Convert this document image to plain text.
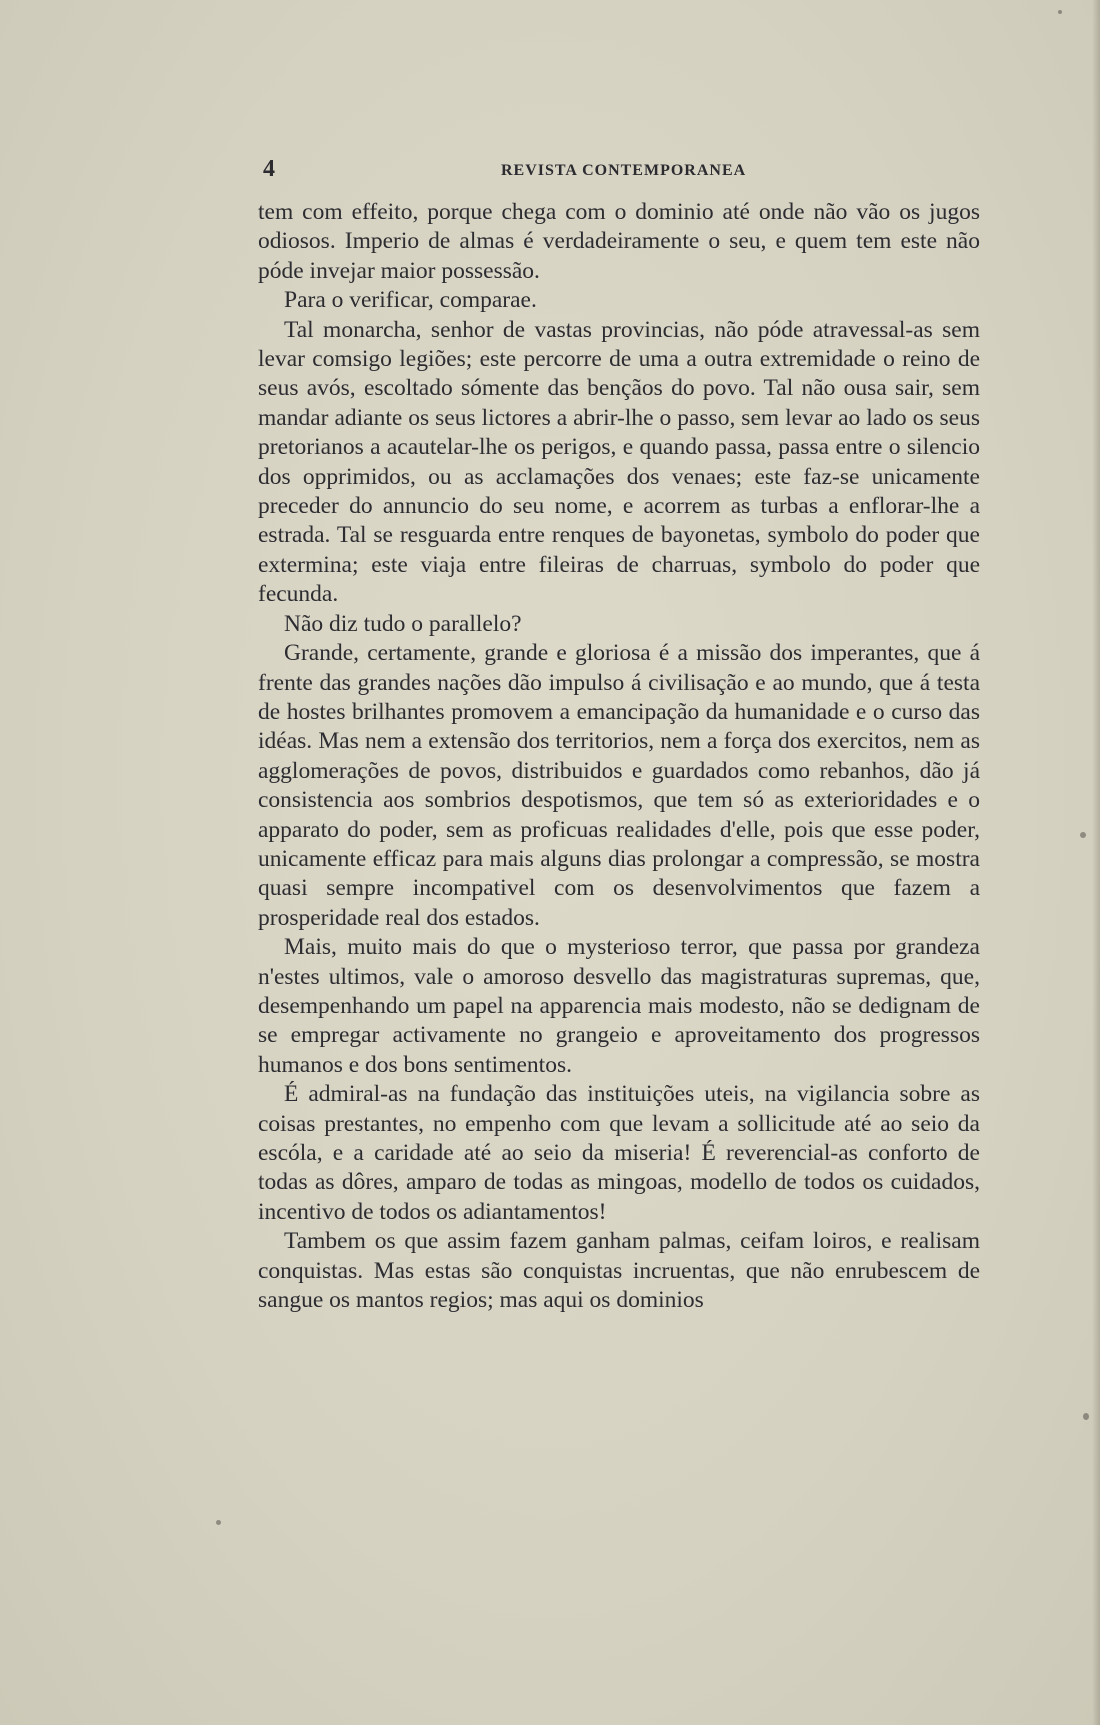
4	REVISTA CONTEMPORANEA

tem com effeito, porque chega com o dominio até onde não vão os jugos odiosos. Imperio de almas é verdadeiramente o seu, e quem tem este não póde invejar maior possessão.

Para o verificar, comparae.

Tal monarcha, senhor de vastas provincias, não póde atravessal-as sem levar comsigo legiões; este percorre de uma a outra extremidade o reino de seus avós, escoltado sómente das bençãos do povo. Tal não ousa sair, sem mandar adiante os seus lictores a abrir-lhe o passo, sem levar ao lado os seus pretorianos a acautelar-lhe os perigos, e quando passa, passa entre o silencio dos opprimidos, ou as acclamações dos venaes; este faz-se unicamente preceder do annuncio do seu nome, e acorrem as turbas a enflorar-lhe a estrada. Tal se resguarda entre renques de bayonetas, symbolo do poder que extermina; este viaja entre fileiras de charruas, symbolo do poder que fecunda.

Não diz tudo o parallelo?

Grande, certamente, grande e gloriosa é a missão dos imperantes, que á frente das grandes nações dão impulso á civilisação e ao mundo, que á testa de hostes brilhantes promovem a emancipação da humanidade e o curso das idéas. Mas nem a extensão dos territorios, nem a força dos exercitos, nem as agglomerações de povos, distribuidos e guardados como rebanhos, dão já consistencia aos sombrios despotismos, que tem só as exterioridades e o apparato do poder, sem as proficuas realidades d'elle, pois que esse poder, unicamente efficaz para mais alguns dias prolongar a compressão, se mostra quasi sempre incompativel com os desenvolvimentos que fazem a prosperidade real dos estados.

Mais, muito mais do que o mysterioso terror, que passa por grandeza n'estes ultimos, vale o amoroso desvello das magistraturas supremas, que, desempenhando um papel na apparencia mais modesto, não se dedignam de se empregar activamente no grangeio e aproveitamento dos progressos humanos e dos bons sentimentos.

É admiral-as na fundação das instituições uteis, na vigilancia sobre as coisas prestantes, no empenho com que levam a sollicitude até ao seio da escóla, e a caridade até ao seio da miseria! É reverencial-as conforto de todas as dôres, amparo de todas as mingoas, modello de todos os cuidados, incentivo de todos os adiantamentos!

Tambem os que assim fazem ganham palmas, ceifam loiros, e realisam conquistas. Mas estas são conquistas incruentas, que não enrubescem de sangue os mantos regios; mas aqui os dominios
